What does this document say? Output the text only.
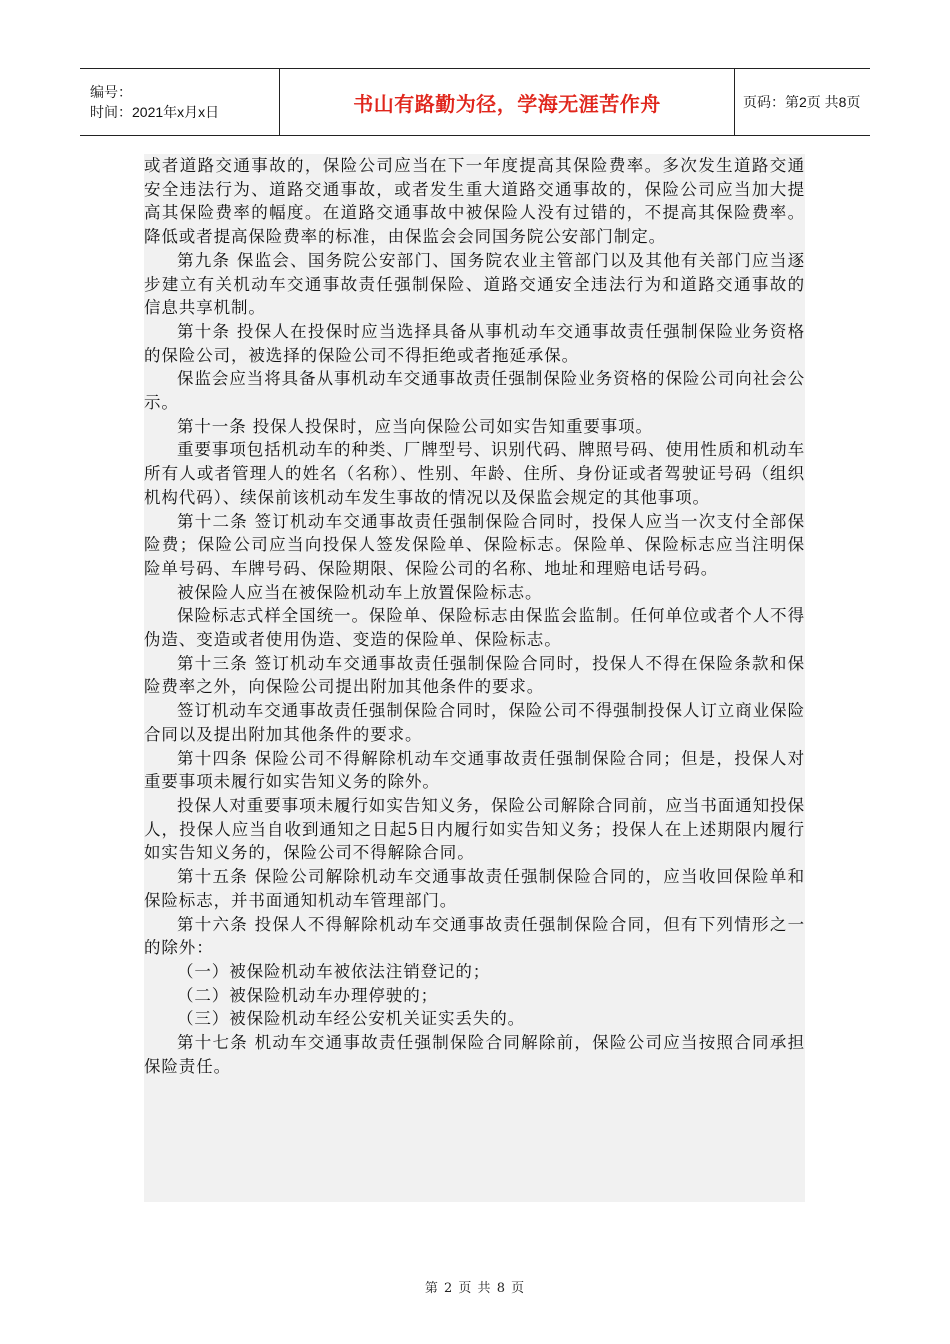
编号：
时间：2021年x月x日	书山有路勤为径，学海无涯苦作舟	页码：第2页 共8页

或者道路交通事故的，保险公司应当在下一年度提高其保险费率。多次发生道路交通安全违法行为、道路交通事故，或者发生重大道路交通事故的，保险公司应当加大提高其保险费率的幅度。在道路交通事故中被保险人没有过错的，不提高其保险费率。降低或者提高保险费率的标准，由保监会会同国务院公安部门制定。

第九条 保监会、国务院公安部门、国务院农业主管部门以及其他有关部门应当逐步建立有关机动车交通事故责任强制保险、道路交通安全违法行为和道路交通事故的信息共享机制。

第十条 投保人在投保时应当选择具备从事机动车交通事故责任强制保险业务资格的保险公司，被选择的保险公司不得拒绝或者拖延承保。

保监会应当将具备从事机动车交通事故责任强制保险业务资格的保险公司向社会公示。

第十一条 投保人投保时，应当向保险公司如实告知重要事项。

重要事项包括机动车的种类、厂牌型号、识别代码、牌照号码、使用性质和机动车所有人或者管理人的姓名（名称）、性别、年龄、住所、身份证或者驾驶证号码（组织机构代码）、续保前该机动车发生事故的情况以及保监会规定的其他事项。

第十二条 签订机动车交通事故责任强制保险合同时，投保人应当一次支付全部保险费；保险公司应当向投保人签发保险单、保险标志。保险单、保险标志应当注明保险单号码、车牌号码、保险期限、保险公司的名称、地址和理赔电话号码。

被保险人应当在被保险机动车上放置保险标志。

保险标志式样全国统一。保险单、保险标志由保监会监制。任何单位或者个人不得伪造、变造或者使用伪造、变造的保险单、保险标志。

第十三条 签订机动车交通事故责任强制保险合同时，投保人不得在保险条款和保险费率之外，向保险公司提出附加其他条件的要求。

签订机动车交通事故责任强制保险合同时，保险公司不得强制投保人订立商业保险合同以及提出附加其他条件的要求。

第十四条 保险公司不得解除机动车交通事故责任强制保险合同；但是，投保人对重要事项未履行如实告知义务的除外。

投保人对重要事项未履行如实告知义务，保险公司解除合同前，应当书面通知投保人，投保人应当自收到通知之日起5日内履行如实告知义务；投保人在上述期限内履行如实告知义务的，保险公司不得解除合同。

第十五条 保险公司解除机动车交通事故责任强制保险合同的，应当收回保险单和保险标志，并书面通知机动车管理部门。

第十六条 投保人不得解除机动车交通事故责任强制保险合同，但有下列情形之一的除外：

（一）被保险机动车被依法注销登记的；

（二）被保险机动车办理停驶的；

（三）被保险机动车经公安机关证实丢失的。

第十七条 机动车交通事故责任强制保险合同解除前，保险公司应当按照合同承担保险责任。

第 2 页 共 8 页
